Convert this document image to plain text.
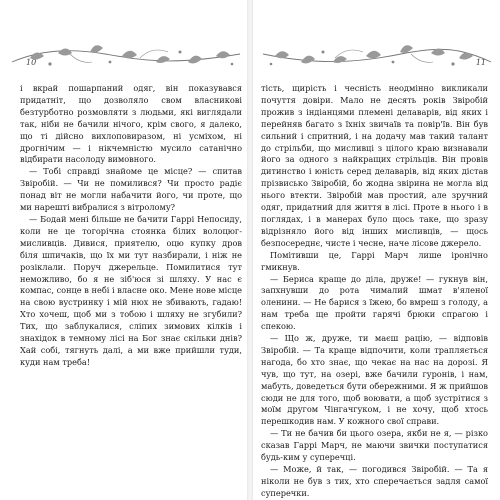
10

і вкрай пошарпаний одяг, він показувався придатніт, що дозволяло свом власникові безтурботно розмовляти з людьми, які виглядали так, ніби не бачили нічого, крім свого, я далеко, що ті дійсно вихлоповиразом, ні усміхом, ні дрогнічим — і нікчемністю мусило сатанічно відбирати насолоду вимовного.

— Тобі справді знайоме це місце? — спитав Звіробій. — Чи не помилився? Чи просто радіє понад віт не могли набачити його, чи проте, що ми нарешті вибралися з вітролому?

— Бодай мені більше не бачити Гаррі Непосиду, коли не це тогорічна стоянка білих волоцюг-мисливців. Дивися, приятелю, оцю купку дров біля шпичаків, що їх ми тут назбирали, і ніж не розіклали. Поруч джерельце. Помилитися тут неможливо, бо я не зіб'юся зі шляху. У нас є компас, сонце в небі і власне око. Мене нове місце на свою вустринку і мій нюх не збивають, гадаю! Хто хочеш, щоб ми з тобою і шляху не згубили? Тих, що заблукалися, сліпих зимових кілків і знахідок в темному лісі на Бог знає скільки днів? Хай собі, тягнуть далі, а ми вже прийшли туди, куди нам треба!

11

тість, щирість і чесність неодмінно викликали почуття довіри. Мало не десять років Звіробій прожив з індіанцями племені делаварів, від яких і перейняв багато з їхніх звичаїв та повір'їв. Він був сильний і спритний, і на додачу мав такий талант до стрільби, що мисливці з цілого краю визнавали його за одного з найкращих стрільців. Він провів дитинство і юність серед делаварів, від яких дістав прізвисько Звіробій, бо жодна звірина не могла від нього втекти. Звіробій мав простий, але зручний одяг, придатний для життя в лісі. Проте в нього і в поглядах, і в манерах було щось таке, що зразу відрізняло його від інших мисливців, — щось безпосереднє, чисте і чесне, наче лісове джерело.

Помітивши це, Гаррі Марч лише іронічно гмикнув.

— Бериса краще до діла, друже! — гукнув він, запхнувши до рота чималий шмат в'яленої оленини. — Не барися з їжею, бо вмреш з голоду, а нам треба ще пройти гарячі брюки спрагою і спекою.

— Що ж, друже, ти маєш рацію, — відповів Звіробій. — Та краще відпочити, коли трапляється нагода, бо хто знає, що чекає на нас на дорозі. Я чув, що тут, на озері, вже бачили гуронів, і нам, мабуть, доведеться бути обережними. Я ж прийшов сюди не для того, щоб воювати, а щоб зустрітися з моїм другом Чінгачгуком, і не хочу, щоб хтось перешкодив нам. У кожного свої справи.

— Ти не бачив би цього озера, якби не я, — різко сказав Гаррі Марч, не маючи звички поступатися будь-ким у суперечці.

— Може, й так, — погодився Звіробій. — Та я ніколи не був з тих, хто сперечається задля самої суперечки.
